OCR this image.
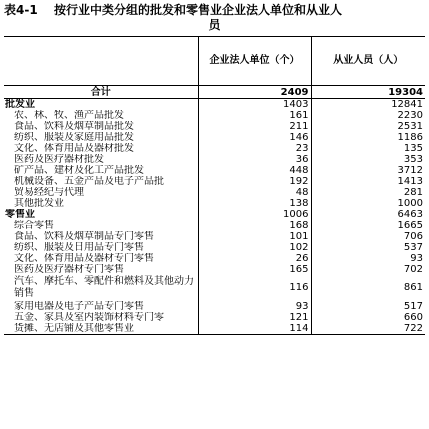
表4-1 按行业中类分组的批发和零售业企业法人单位和从业人
员
	企业法人单位（个）	从业人员（人）
合计	2409	19304
批发业	1403	12841
农、林、牧、渔产品批发	161	2230
食品、饮料及烟草制品批发	211	2531
纺织、服装及家庭用品批发	146	1186
文化、体育用品及器材批发	23	135
医药及医疗器材批发	36	353
矿产品、建材及化工产品批发	448	3712
机械设备、五金产品及电子产品批	192	1413
贸易经纪与代理	48	281
其他批发业	138	1000
零售业	1006	6463
综合零售	168	1665
食品、饮料及烟草制品专门零售	101	706
纺织、服装及日用品专门零售	102	537
文化、体育用品及器材专门零售	26	93
医药及医疗器材专门零售	165	702
汽车、摩托车、零配件和燃料及其他动力销售	116	861
家用电器及电子产品专门零售	93	517
五金、家具及室内装饰材料专门零	121	660
货摊、无店铺及其他零售业	114	722
